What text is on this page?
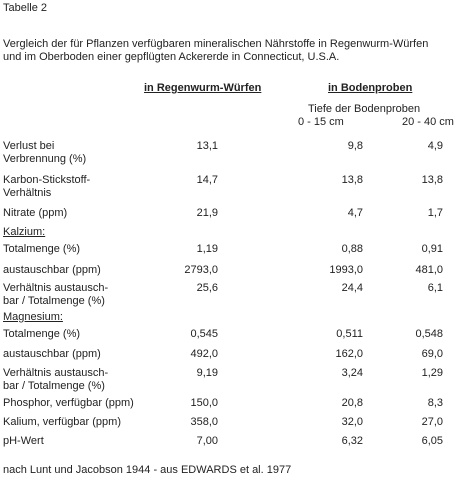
Tabelle 2
Vergleich der für Pflanzen verfügbaren mineralischen Nährstoffe in Regenwurm-Würfen
und im Oberboden einer gepflügten Ackererde in Connecticut, U.S.A.
in Regenwurm-Würfen	in Bodenproben
Tiefe der Bodenproben
0 - 15 cm	20 - 40 cm
Verlust bei
Verbrennung (%)
13,1	9,8	4,9
Karbon-Stickstoff-
Verhältnis
14,7	13,8	13,8
Nitrate (ppm)	21,9	4,7	1,7
Kalzium:
Totalmenge (%)	1,19	0,88	0,91
austauschbar (ppm)	2793,0	1993,0	481,0
Verhältnis austausch-
bar / Totalmenge (%)
25,6	24,4	6,1
Magnesium:
Totalmenge (%)	0,545	0,511	0,548
austauschbar (ppm)	492,0	162,0	69,0
Verhältnis austausch-
bar / Totalmenge (%)
9,19	3,24	1,29
Phosphor, verfügbar (ppm)	150,0	20,8	8,3
Kalium, verfügbar (ppm)	358,0	32,0	27,0
pH-Wert	7,00	6,32	6,05
nach Lunt und Jacobson 1944 - aus EDWARDS et al. 1977
